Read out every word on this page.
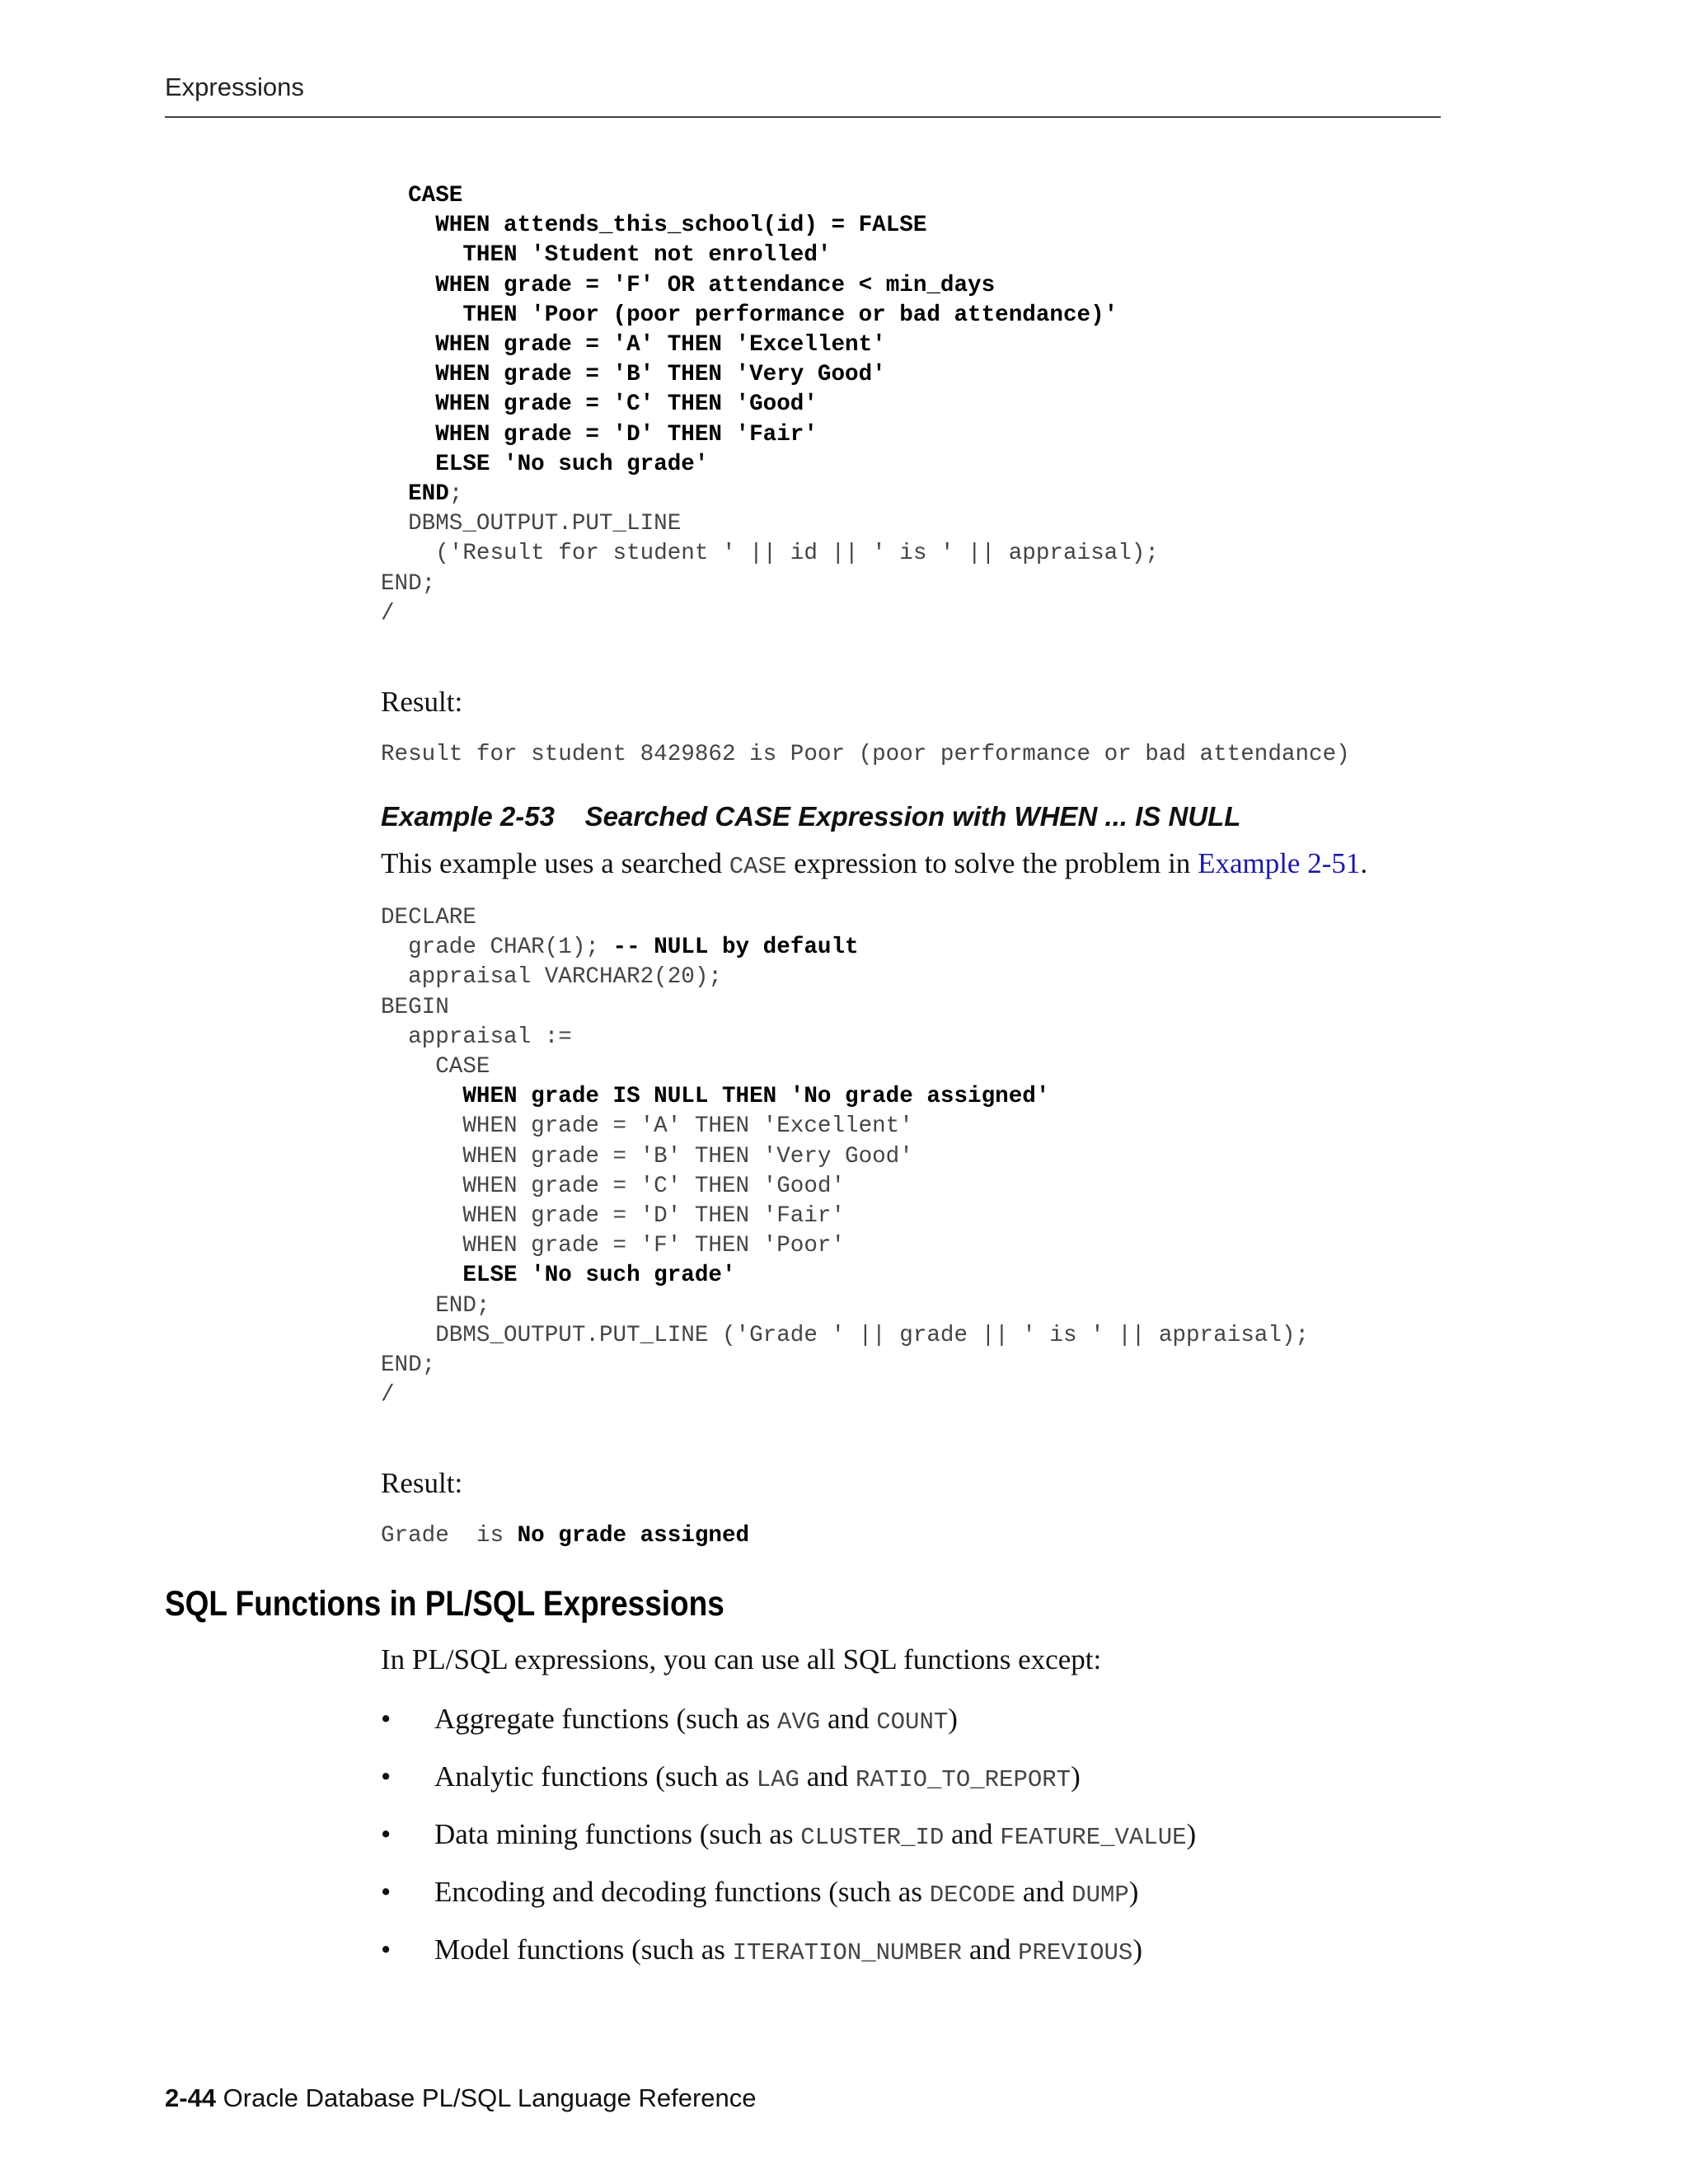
Expressions
CASE
WHEN attends_this_school(id) = FALSE
THEN 'Student not enrolled'
WHEN grade = 'F' OR attendance < min_days
THEN 'Poor (poor performance or bad attendance)'
WHEN grade = 'A' THEN 'Excellent'
WHEN grade = 'B' THEN 'Very Good'
WHEN grade = 'C' THEN 'Good'
WHEN grade = 'D' THEN 'Fair'
ELSE 'No such grade'
END;
DBMS_OUTPUT.PUT_LINE
('Result for student ' || id || ' is ' || appraisal);
END;
/
Result:
Result for student 8429862 is Poor (poor performance or bad attendance)
Example 2-53    Searched CASE Expression with WHEN ... IS NULL
This example uses a searched CASE expression to solve the problem in Example 2-51.
DECLARE
grade CHAR(1); -- NULL by default
appraisal VARCHAR2(20);
BEGIN
appraisal :=
CASE
WHEN grade IS NULL THEN 'No grade assigned'
WHEN grade = 'A' THEN 'Excellent'
WHEN grade = 'B' THEN 'Very Good'
WHEN grade = 'C' THEN 'Good'
WHEN grade = 'D' THEN 'Fair'
WHEN grade = 'F' THEN 'Poor'
ELSE 'No such grade'
END;
DBMS_OUTPUT.PUT_LINE ('Grade ' || grade || ' is ' || appraisal);
END;
/
Result:
Grade  is No grade assigned
SQL Functions in PL/SQL Expressions
In PL/SQL expressions, you can use all SQL functions except:
• Aggregate functions (such as AVG and COUNT)
• Analytic functions (such as LAG and RATIO_TO_REPORT)
• Data mining functions (such as CLUSTER_ID and FEATURE_VALUE)
• Encoding and decoding functions (such as DECODE and DUMP)
• Model functions (such as ITERATION_NUMBER and PREVIOUS)
2-44 Oracle Database PL/SQL Language Reference
